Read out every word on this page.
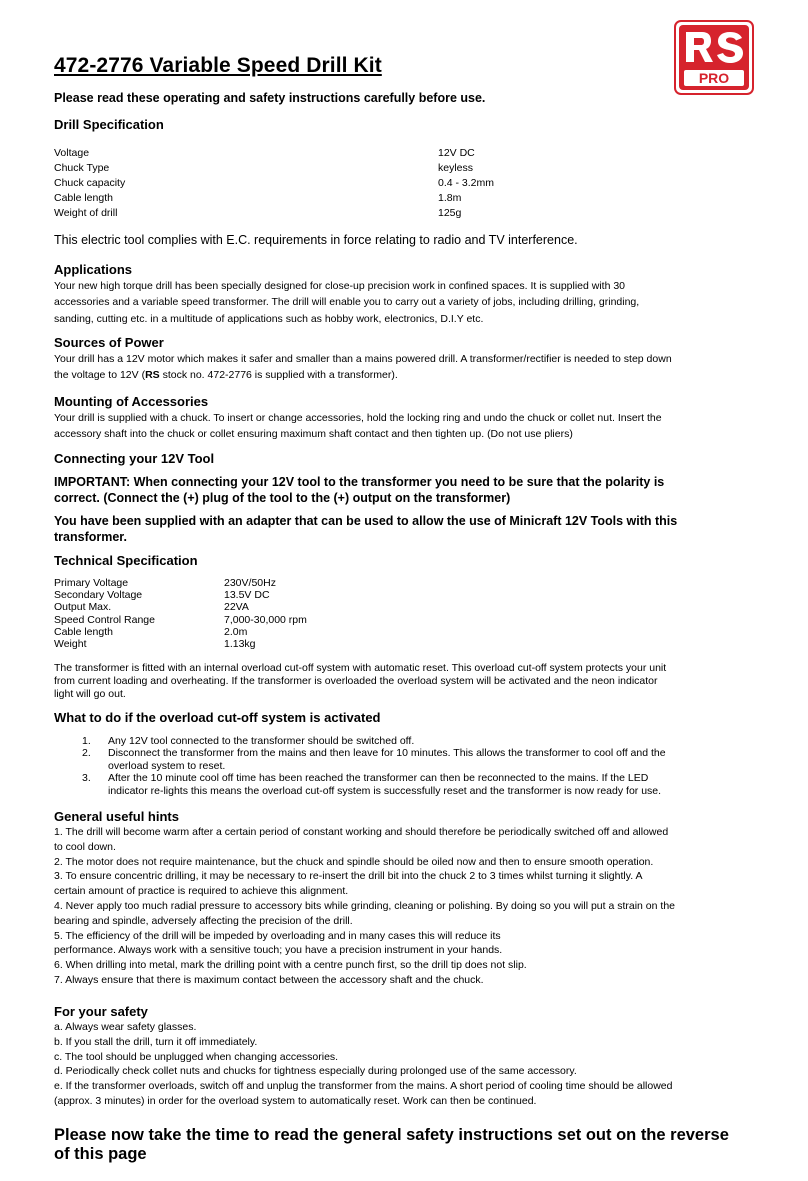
PRO
472-2776 Variable Speed Drill Kit
Please read these operating and safety instructions carefully before use.
Drill Specification
Voltage	12V DC
Chuck Type	keyless
Chuck capacity	0.4 - 3.2mm
Cable length	1.8m
Weight of drill	125g
This electric tool complies with E.C. requirements in force relating to radio and TV interference.
Applications
Your new high torque drill has been specially designed for close-up precision work in confined spaces. It is supplied with 30
accessories and a variable speed transformer. The drill will enable you to carry out a variety of jobs, including drilling, grinding,
sanding, cutting etc. in a multitude of applications such as hobby work, electronics, D.I.Y etc.
Sources of Power
Your drill has a 12V motor which makes it safer and smaller than a mains powered drill. A transformer/rectifier is needed to step down
the voltage to 12V (RS stock no. 472-2776 is supplied with a transformer).
Mounting of Accessories
Your drill is supplied with a chuck. To insert or change accessories, hold the locking ring and undo the chuck or collet nut. Insert the
accessory shaft into the chuck or collet ensuring maximum shaft contact and then tighten up. (Do not use pliers)
Connecting your 12V Tool
IMPORTANT: When connecting your 12V tool to the transformer you need to be sure that the polarity is
correct. (Connect the (+) plug of the tool to the (+) output on the transformer)
You have been supplied with an adapter that can be used to allow the use of Minicraft 12V Tools with this
transformer.
Technical Specification
Primary Voltage	230V/50Hz
Secondary Voltage	13.5V DC
Output Max.	22VA
Speed Control Range	7,000-30,000 rpm
Cable length	2.0m
Weight	1.13kg
The transformer is fitted with an internal overload cut-off system with automatic reset. This overload cut-off system protects your unit
from current loading and overheating. If the transformer is overloaded the overload system will be activated and the neon indicator
light will go out.
What to do if the overload cut-off system is activated
1. Any 12V tool connected to the transformer should be switched off.
2. Disconnect the transformer from the mains and then leave for 10 minutes. This allows the transformer to cool off and the
overload system to reset.
3. After the 10 minute cool off time has been reached the transformer can then be reconnected to the mains. If the LED
indicator re-lights this means the overload cut-off system is successfully reset and the transformer is now ready for use.
General useful hints
1. The drill will become warm after a certain period of constant working and should therefore be periodically switched off and allowed
to cool down.
2. The motor does not require maintenance, but the chuck and spindle should be oiled now and then to ensure smooth operation.
3. To ensure concentric drilling, it may be necessary to re-insert the drill bit into the chuck 2 to 3 times whilst turning it slightly. A
certain amount of practice is required to achieve this alignment.
4. Never apply too much radial pressure to accessory bits while grinding, cleaning or polishing. By doing so you will put a strain on the
bearing and spindle, adversely affecting the precision of the drill.
5. The efficiency of the drill will be impeded by overloading and in many cases this will reduce its
performance. Always work with a sensitive touch; you have a precision instrument in your hands.
6. When drilling into metal, mark the drilling point with a centre punch first, so the drill tip does not slip.
7. Always ensure that there is maximum contact between the accessory shaft and the chuck.
For your safety
a. Always wear safety glasses.
b. If you stall the drill, turn it off immediately.
c. The tool should be unplugged when changing accessories.
d. Periodically check collet nuts and chucks for tightness especially during prolonged use of the same accessory.
e. If the transformer overloads, switch off and unplug the transformer from the mains. A short period of cooling time should be allowed
(approx. 3 minutes) in order for the overload system to automatically reset. Work can then be continued.
Please now take the time to read the general safety instructions set out on the reverse
of this page
